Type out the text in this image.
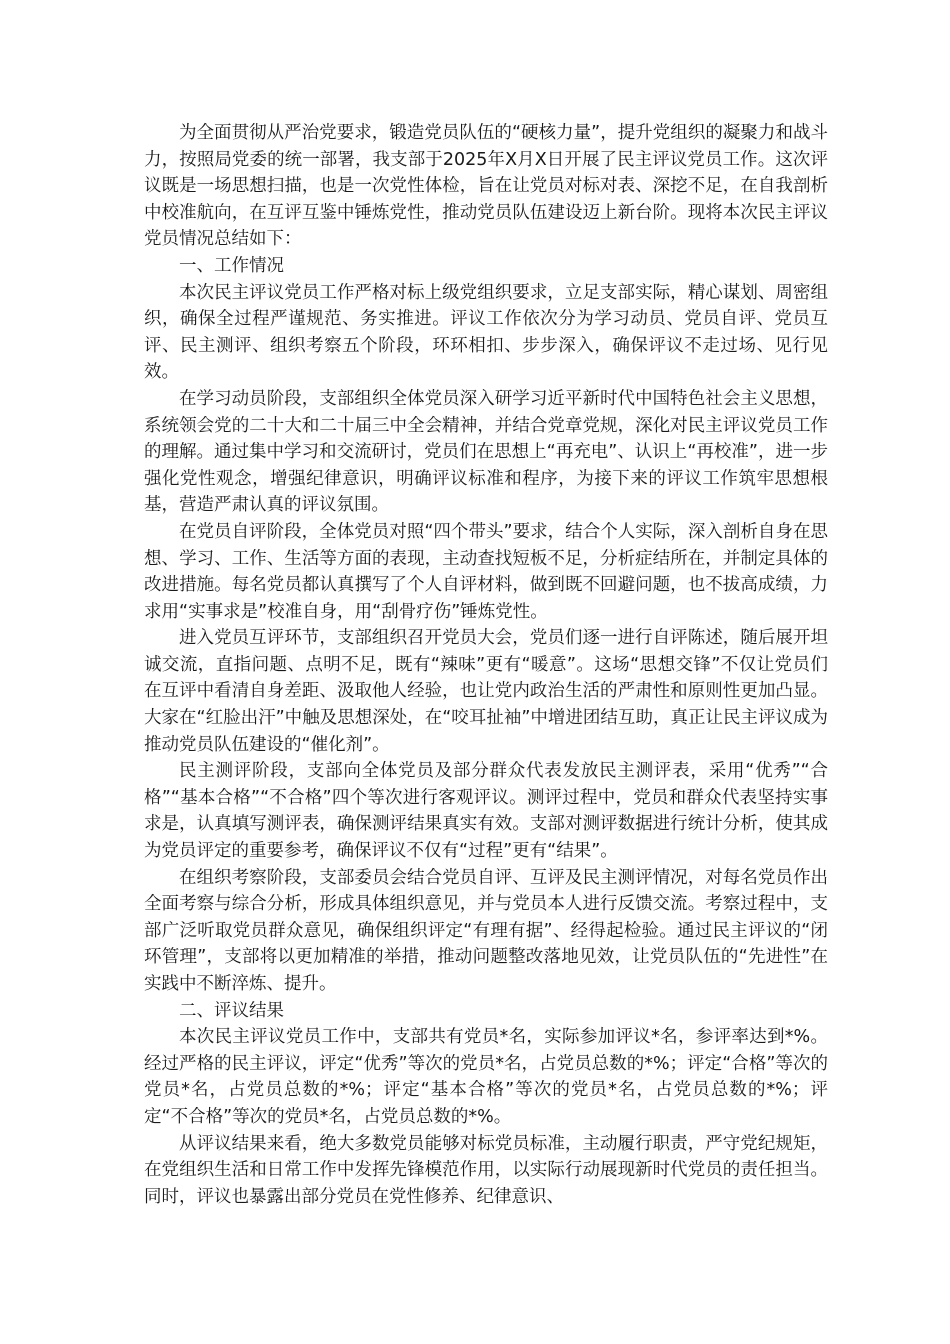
为全面贯彻从严治党要求，锻造党员队伍的“硬核力量”，提升党组织的凝聚力和战斗力，按照局党委的统一部署，我支部于2025年X月X日开展了民主评议党员工作。这次评议既是一场思想扫描，也是一次党性体检，旨在让党员对标对表、深挖不足，在自我剖析中校准航向，在互评互鉴中锤炼党性，推动党员队伍建设迈上新台阶。现将本次民主评议党员情况总结如下：

一、工作情况

本次民主评议党员工作严格对标上级党组织要求，立足支部实际，精心谋划、周密组织，确保全过程严谨规范、务实推进。评议工作依次分为学习动员、党员自评、党员互评、民主测评、组织考察五个阶段，环环相扣、步步深入，确保评议不走过场、见行见效。

在学习动员阶段，支部组织全体党员深入研学习近平新时代中国特色社会主义思想，系统领会党的二十大和二十届三中全会精神，并结合党章党规，深化对民主评议党员工作的理解。通过集中学习和交流研讨，党员们在思想上“再充电”、认识上“再校准”，进一步强化党性观念，增强纪律意识，明确评议标准和程序，为接下来的评议工作筑牢思想根基，营造严肃认真的评议氛围。

在党员自评阶段，全体党员对照“四个带头”要求，结合个人实际，深入剖析自身在思想、学习、工作、生活等方面的表现，主动查找短板不足，分析症结所在，并制定具体的改进措施。每名党员都认真撰写了个人自评材料，做到既不回避问题，也不拔高成绩，力求用“实事求是”校准自身，用“刮骨疗伤”锤炼党性。

进入党员互评环节，支部组织召开党员大会，党员们逐一进行自评陈述，随后展开坦诚交流，直指问题、点明不足，既有“辣味”更有“暖意”。这场“思想交锋”不仅让党员们在互评中看清自身差距、汲取他人经验，也让党内政治生活的严肃性和原则性更加凸显。大家在“红脸出汗”中触及思想深处，在“咬耳扯袖”中增进团结互助，真正让民主评议成为推动党员队伍建设的“催化剂”。

民主测评阶段，支部向全体党员及部分群众代表发放民主测评表，采用“优秀”“合格”“基本合格”“不合格”四个等次进行客观评议。测评过程中，党员和群众代表坚持实事求是，认真填写测评表，确保测评结果真实有效。支部对测评数据进行统计分析，使其成为党员评定的重要参考，确保评议不仅有“过程”更有“结果”。

在组织考察阶段，支部委员会结合党员自评、互评及民主测评情况，对每名党员作出全面考察与综合分析，形成具体组织意见，并与党员本人进行反馈交流。考察过程中，支部广泛听取党员群众意见，确保组织评定“有理有据”、经得起检验。通过民主评议的“闭环管理”，支部将以更加精准的举措，推动问题整改落地见效，让党员队伍的“先进性”在实践中不断淬炼、提升。

二、评议结果

本次民主评议党员工作中，支部共有党员*名，实际参加评议*名，参评率达到*%。经过严格的民主评议，评定“优秀”等次的党员*名，占党员总数的*%；评定“合格”等次的党员*名，占党员总数的*%；评定“基本合格”等次的党员*名，占党员总数的*%；评定“不合格”等次的党员*名，占党员总数的*%。

从评议结果来看，绝大多数党员能够对标党员标准，主动履行职责，严守党纪规矩，在党组织生活和日常工作中发挥先锋模范作用，以实际行动展现新时代党员的责任担当。同时，评议也暴露出部分党员在党性修养、纪律意识、
